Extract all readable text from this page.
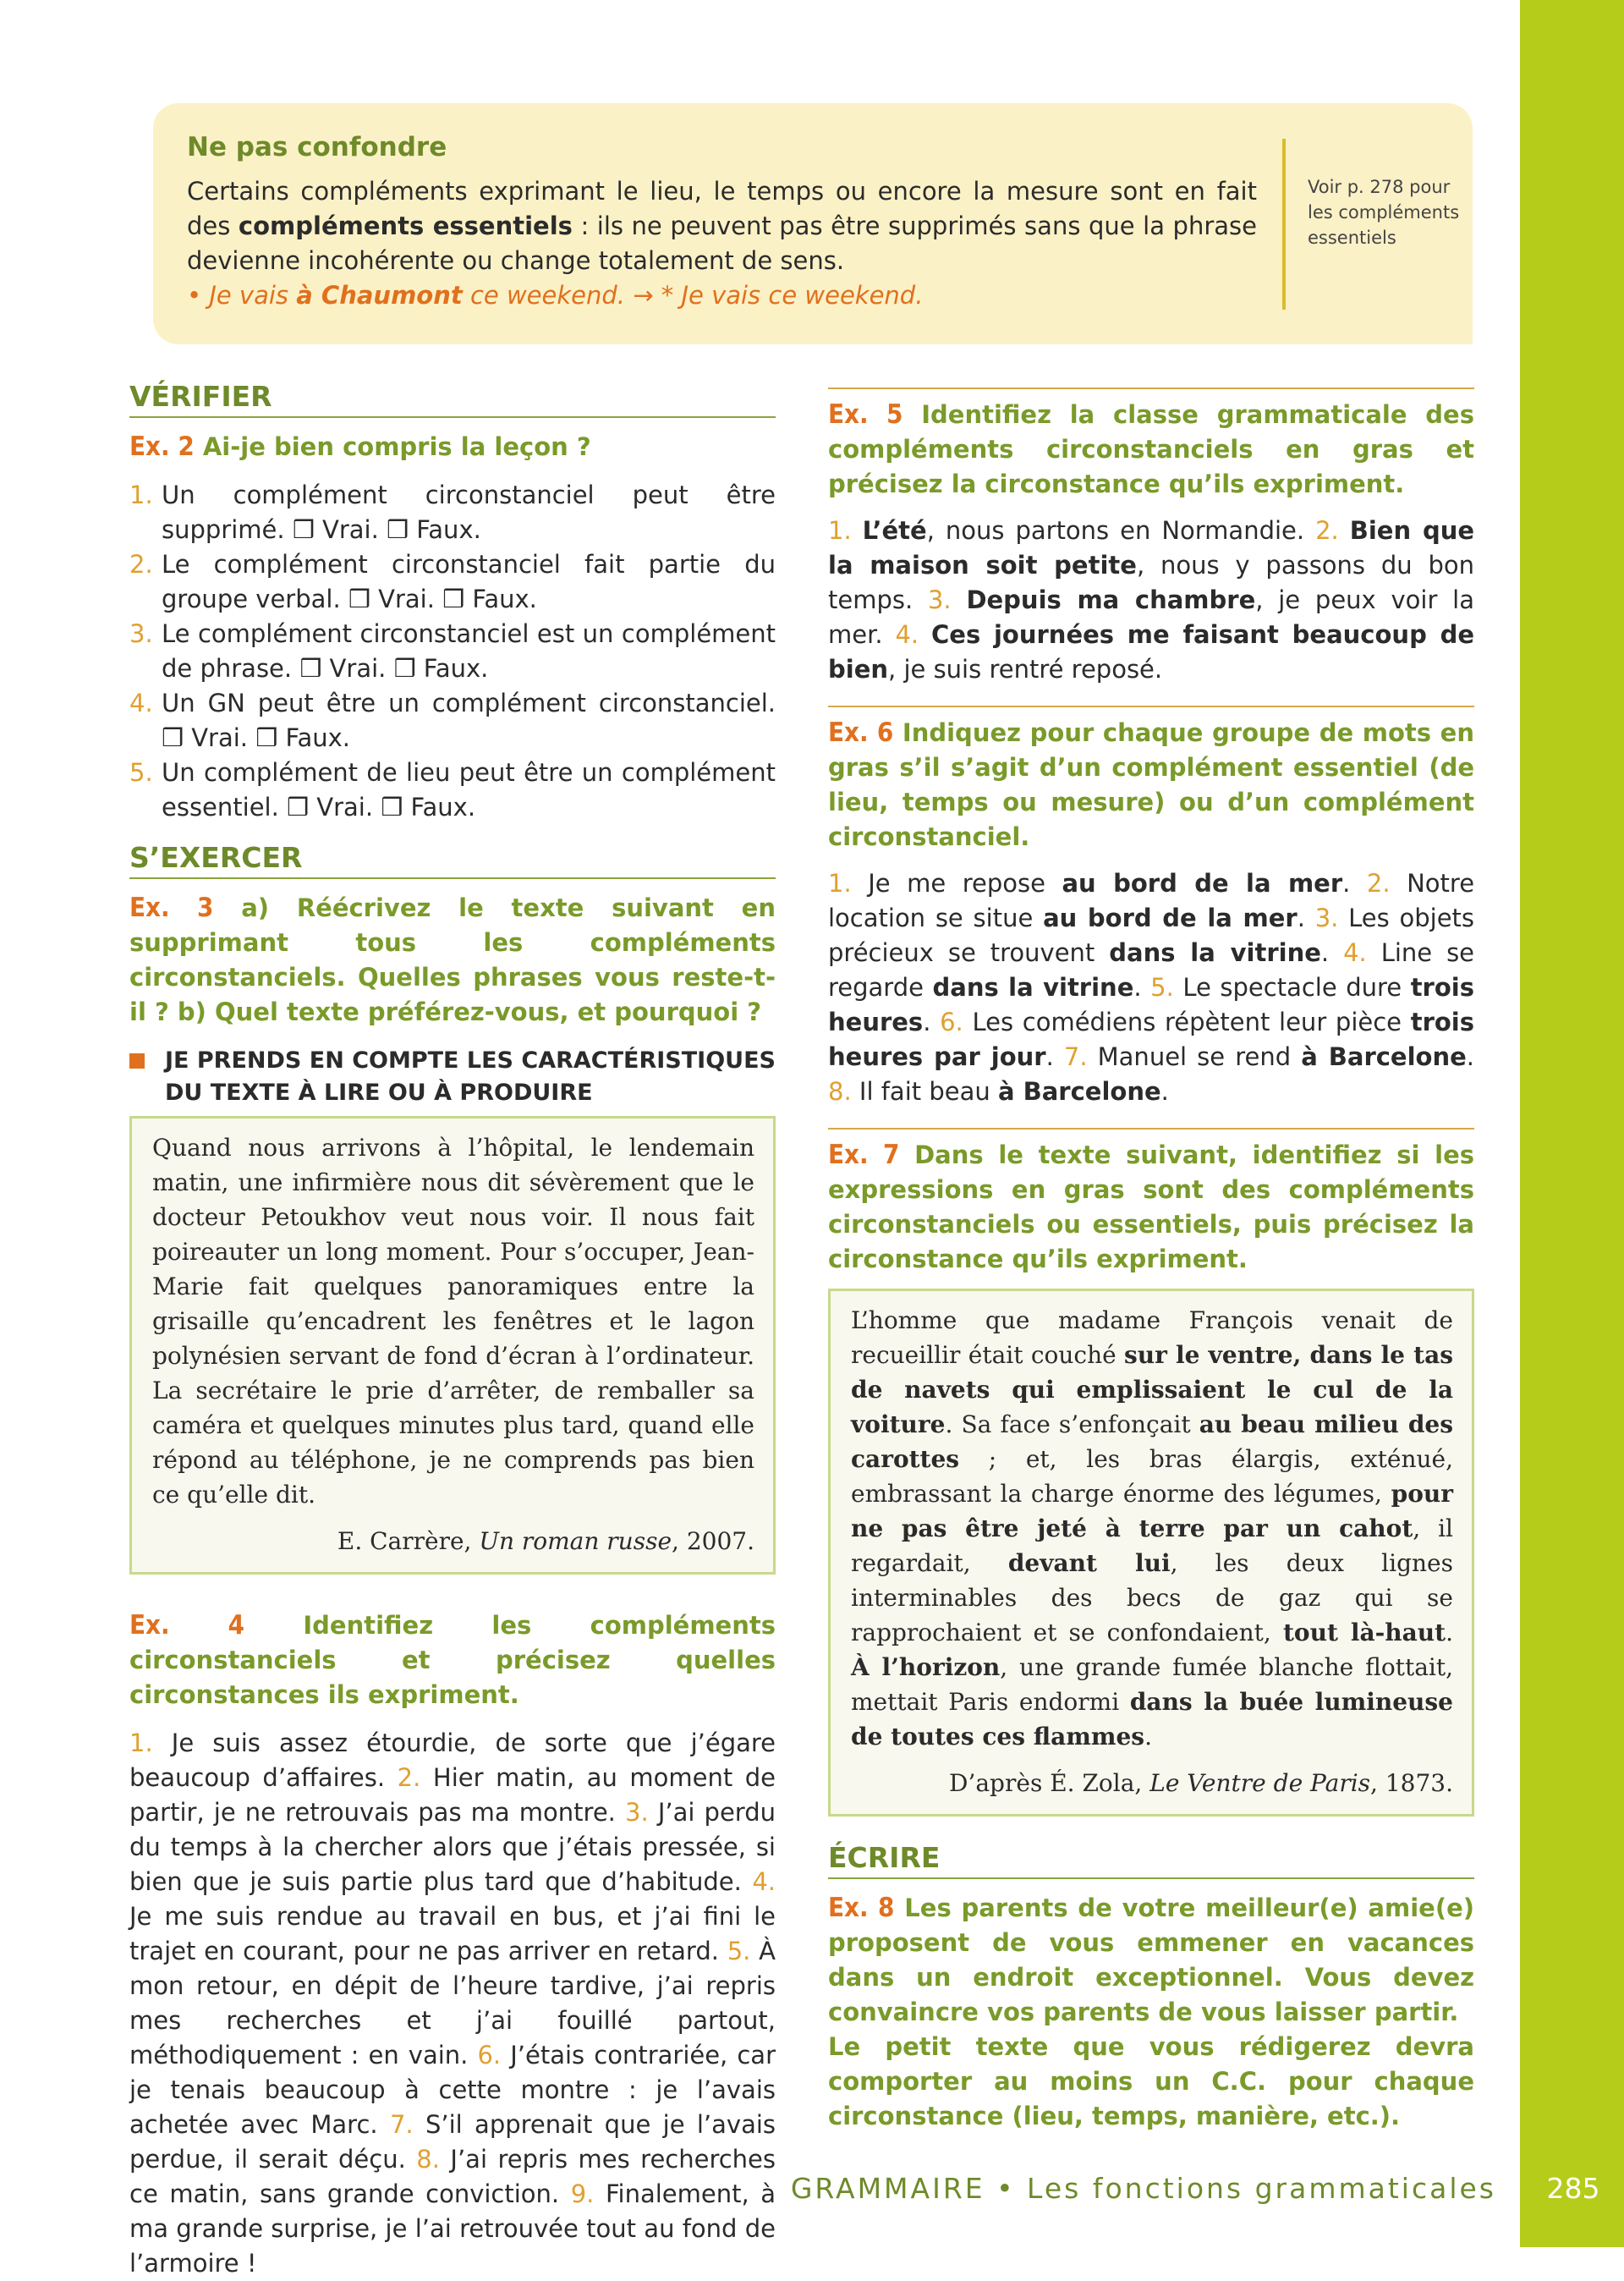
Ne pas confondre
Certains compléments exprimant le lieu, le temps ou encore la mesure sont en fait des compléments essentiels : ils ne peuvent pas être supprimés sans que la phrase devienne incohérente ou change totalement de sens.
• Je vais à Chaumont ce weekend. → * Je vais ce weekend.
Voir p. 278 pour les compléments essentiels
VÉRIFIER
Ex. 2 Ai-je bien compris la leçon ?
1. Un complément circonstanciel peut être supprimé. ❒ Vrai. ❒ Faux.
2. Le complément circonstanciel fait partie du groupe verbal. ❒ Vrai. ❒ Faux.
3. Le complément circonstanciel est un complément de phrase. ❒ Vrai. ❒ Faux.
4. Un GN peut être un complément circonstanciel. ❒ Vrai. ❒ Faux.
5. Un complément de lieu peut être un complément essentiel. ❒ Vrai. ❒ Faux.
S’EXERCER
Ex. 3 a) Réécrivez le texte suivant en supprimant tous les compléments circonstanciels. Quelles phrases vous reste-t-il ? b) Quel texte préférez-vous, et pourquoi ?
JE PRENDS EN COMPTE LES CARACTÉRISTIQUES DU TEXTE À LIRE OU À PRODUIRE
Quand nous arrivons à l’hôpital, le lendemain matin, une infirmière nous dit sévèrement que le docteur Petoukhov veut nous voir. Il nous fait poireauter un long moment. Pour s’occuper, Jean-Marie fait quelques panoramiques entre la grisaille qu’encadrent les fenêtres et le lagon polynésien servant de fond d’écran à l’ordinateur. La secrétaire le prie d’arrêter, de remballer sa caméra et quelques minutes plus tard, quand elle répond au téléphone, je ne comprends pas bien ce qu’elle dit.
E. Carrère, Un roman russe, 2007.
Ex. 4 Identifiez les compléments circonstanciels et précisez quelles circonstances ils expriment.
1. Je suis assez étourdie, de sorte que j’égare beaucoup d’affaires. 2. Hier matin, au moment de partir, je ne retrouvais pas ma montre. 3. J’ai perdu du temps à la chercher alors que j’étais pressée, si bien que je suis partie plus tard que d’habitude. 4. Je me suis rendue au travail en bus, et j’ai fini le trajet en courant, pour ne pas arriver en retard. 5. À mon retour, en dépit de l’heure tardive, j’ai repris mes recherches et j’ai fouillé partout, méthodiquement : en vain. 6. J’étais contrariée, car je tenais beaucoup à cette montre : je l’avais achetée avec Marc. 7. S’il apprenait que je l’avais perdue, il serait déçu. 8. J’ai repris mes recherches ce matin, sans grande conviction. 9. Finalement, à ma grande surprise, je l’ai retrouvée tout au fond de l’armoire !
Ex. 5 Identifiez la classe grammaticale des compléments circonstanciels en gras et précisez la circonstance qu’ils expriment.
1. L’été, nous partons en Normandie. 2. Bien que la maison soit petite, nous y passons du bon temps. 3. Depuis ma chambre, je peux voir la mer. 4. Ces journées me faisant beaucoup de bien, je suis rentré reposé.
Ex. 6 Indiquez pour chaque groupe de mots en gras s’il s’agit d’un complément essentiel (de lieu, temps ou mesure) ou d’un complément circonstanciel.
1. Je me repose au bord de la mer. 2. Notre location se situe au bord de la mer. 3. Les objets précieux se trouvent dans la vitrine. 4. Line se regarde dans la vitrine. 5. Le spectacle dure trois heures. 6. Les comédiens répètent leur pièce trois heures par jour. 7. Manuel se rend à Barcelone. 8. Il fait beau à Barcelone.
Ex. 7 Dans le texte suivant, identifiez si les expressions en gras sont des compléments circonstanciels ou essentiels, puis précisez la circonstance qu’ils expriment.
L’homme que madame François venait de recueillir était couché sur le ventre, dans le tas de navets qui emplissaient le cul de la voiture. Sa face s’enfonçait au beau milieu des carottes ; et, les bras élargis, exténué, embrassant la charge énorme des légumes, pour ne pas être jeté à terre par un cahot, il regardait, devant lui, les deux lignes interminables des becs de gaz qui se rapprochaient et se confondaient, tout là-haut. À l’horizon, une grande fumée blanche flottait, mettait Paris endormi dans la buée lumineuse de toutes ces flammes.
D’après É. Zola, Le Ventre de Paris, 1873.
ÉCRIRE
Ex. 8 Les parents de votre meilleur(e) amie(e) proposent de vous emmener en vacances dans un endroit exceptionnel. Vous devez convaincre vos parents de vous laisser partir.
Le petit texte que vous rédigerez devra comporter au moins un C.C. pour chaque circonstance (lieu, temps, manière, etc.).
GRAMMAIRE • Les fonctions grammaticales	285
